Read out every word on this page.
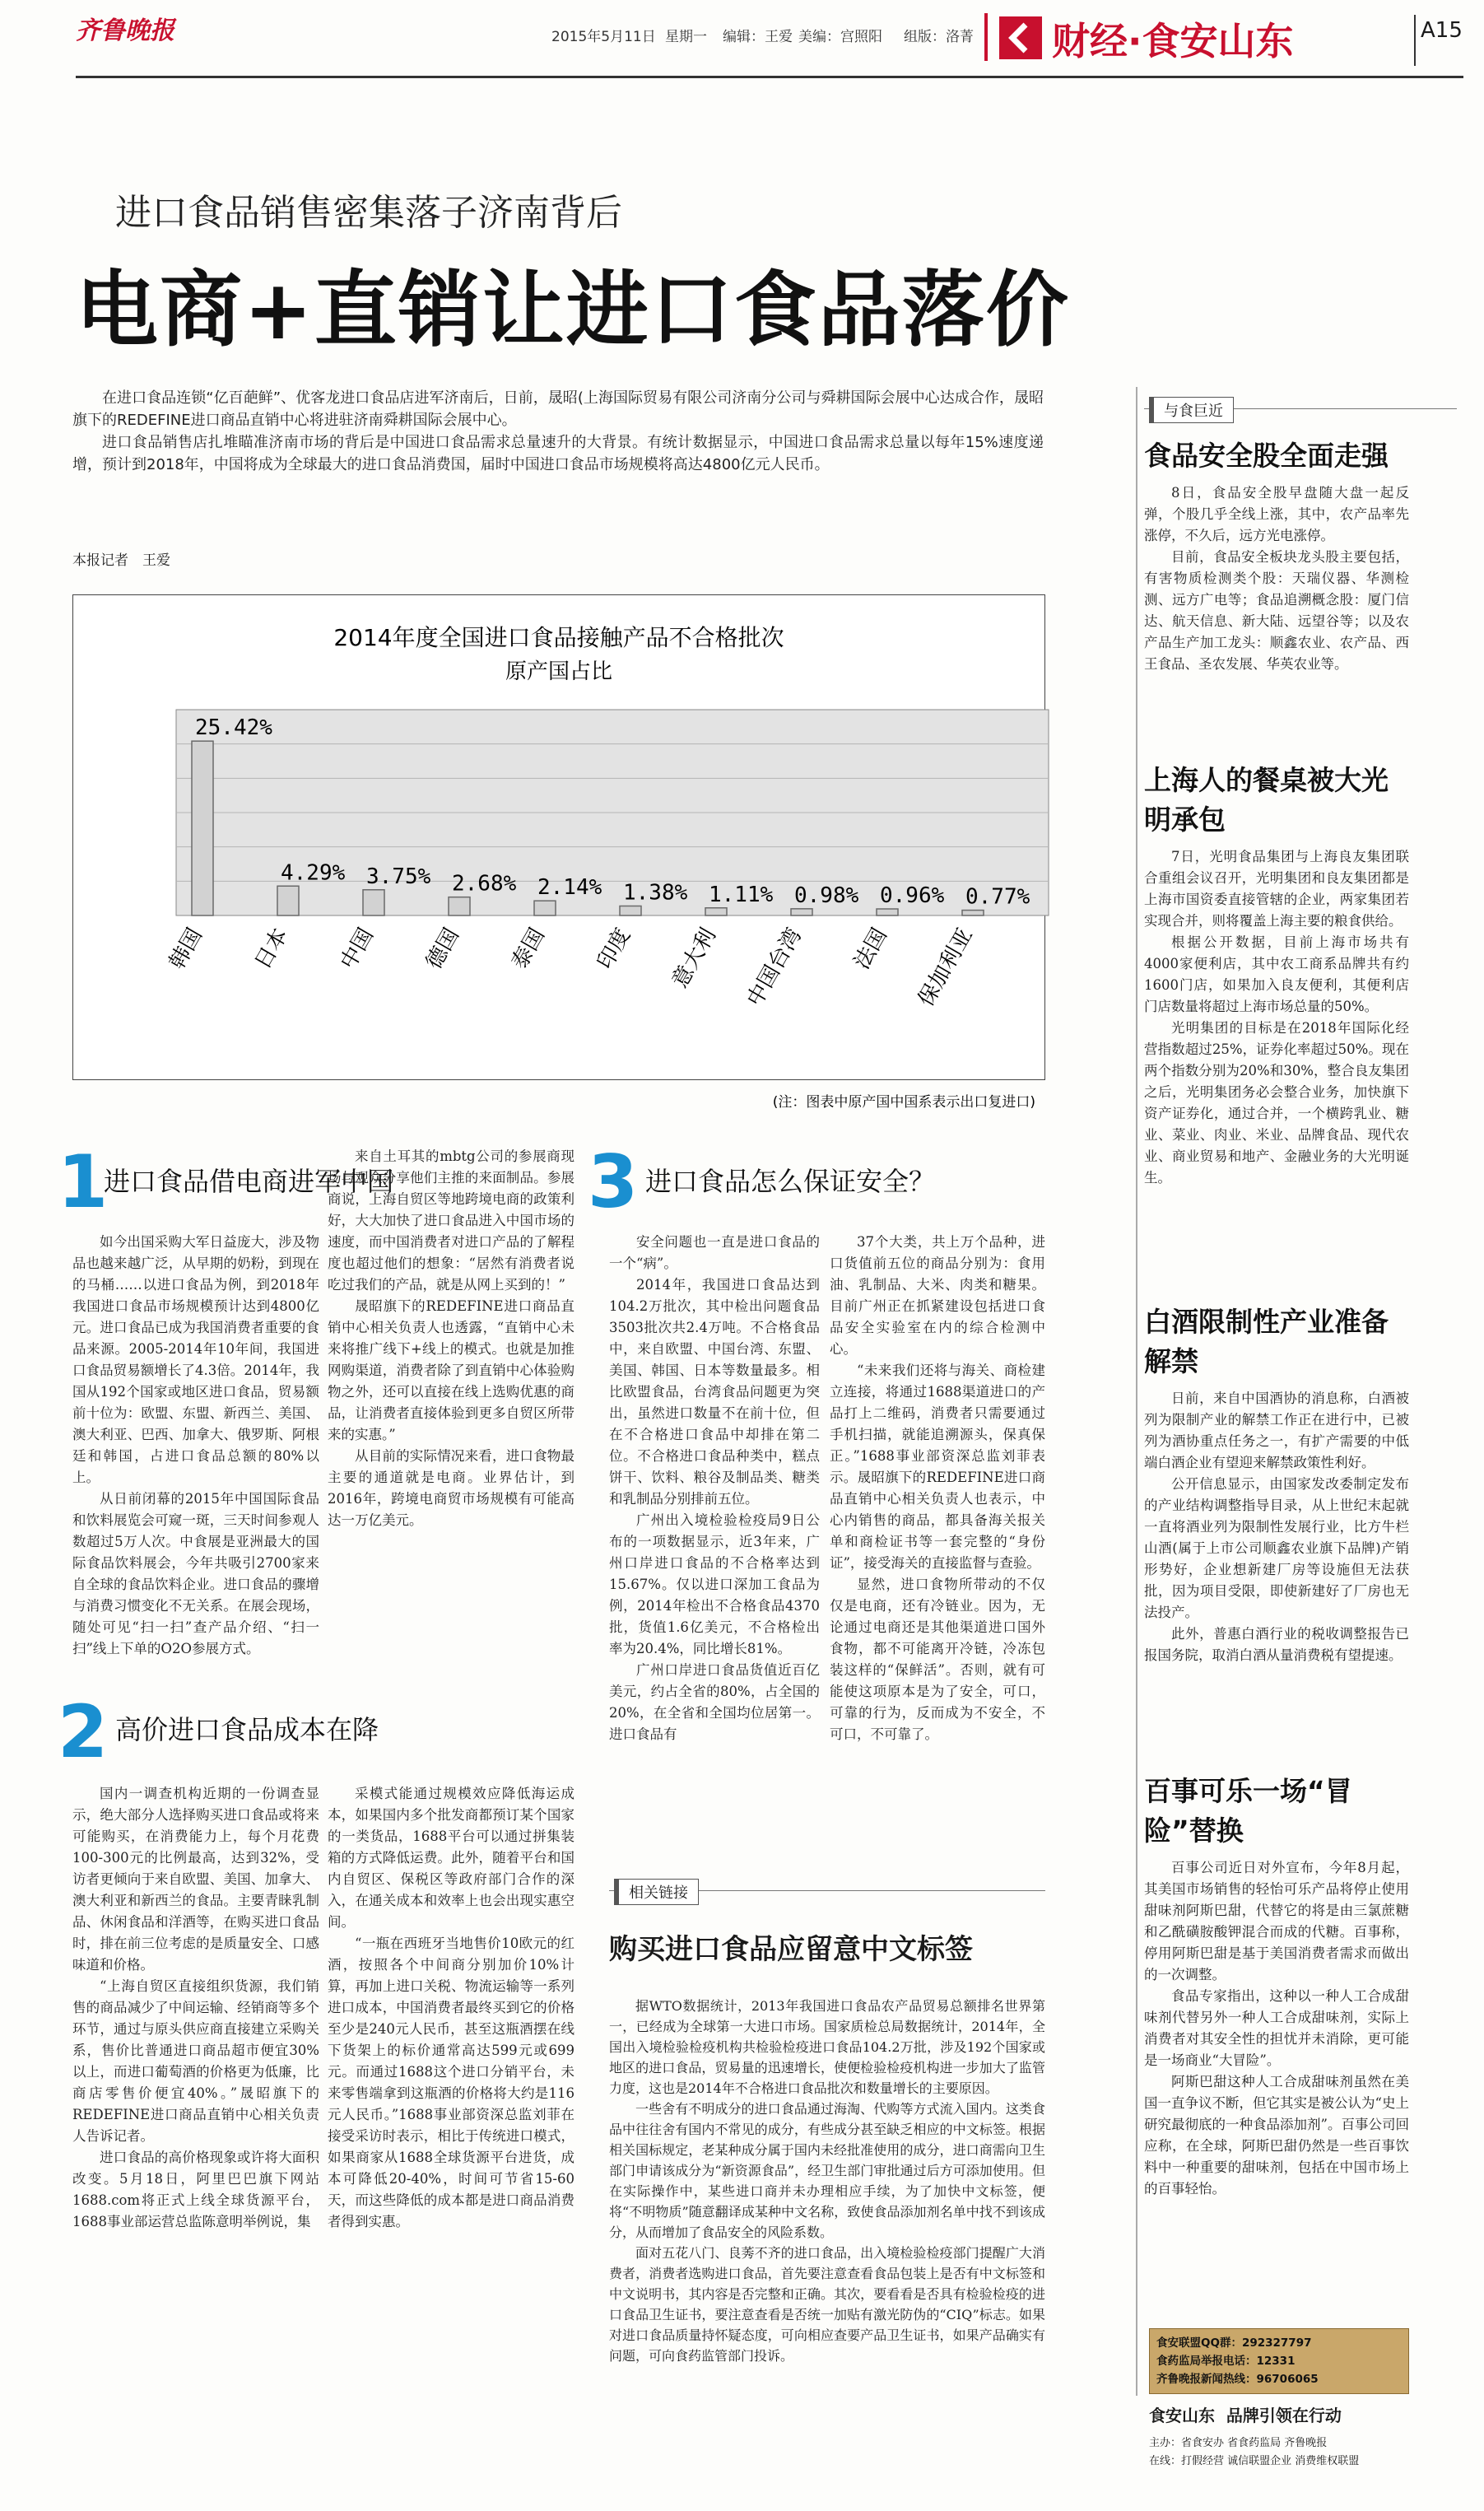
齐鲁晚报	2015年5月11日 星期一 编辑：王爱 美编：宫照阳 组版：洛菁 财经·食安山东	A15
进口食品销售密集落子济南背后
电商+直销让进口食品落价

在进口食品连锁“亿百葩鲜”、优客龙进口食品店进军济南后，日前，晟昭(上海国际贸易有限公司济南分公司与舜耕国际会展中心达成合作，晟昭旗下的REDEFINE进口商品直销中心将进驻济南舜耕国际会展中心。

进口食品销售店扎堆瞄准济南市场的背后是中国进口食品需求总量速升的大背景。有统计数据显示，中国进口食品需求总量以每年15%速度递增，预计到2018年，中国将成为全球最大的进口食品消费国，届时中国进口食品市场规模将高达4800亿元人民币。

本报记者　王爱
2014年度全国进口食品接触产品不合格批次
原产国占比
25.42%
4.29% 3.75% 2.68% 2.14% 1.38% 1.11% 0.98% 0.96% 0.77%
韩国 日本 中国 德国 泰国 印度 意大利 中国台湾 法国 保加利亚
(注：图表中原产国中国系表示出口复进口)
1
进口食品借电商进军中国

如今出国采购大军日益庞大，涉及物品也越来越广泛，从早期的奶粉，到现在的马桶……以进口食品为例，到2018年我国进口食品市场规模预计达到4800亿元。进口食品已成为我国消费者重要的食品来源。2005-2014年10年间，我国进口食品贸易额增长了4.3倍。2014年，我国从192个国家或地区进口食品，贸易额前十位为：欧盟、东盟、新西兰、美国、澳大利亚、巴西、加拿大、俄罗斯、阿根廷和韩国，占进口食品总额的80%以上。

从日前闭幕的2015年中国国际食品和饮料展览会可窥一斑，三天时间参观人数超过5万人次。中食展是亚洲最大的国际食品饮料展会，今年共吸引2700家来自全球的食品饮料企业。进口食品的骤增与消费习惯变化不无关系。在展会现场，随处可见“扫一扫”查产品介绍、“扫一扫”线上下单的O2O参展方式。

来自土耳其的mbtg公司的参展商现场与观众分享他们主推的来面制品。参展商说，上海自贸区等地跨境电商的政策利好，大大加快了进口食品进入中国市场的速度，而中国消费者对进口产品的了解程度也超过他们的想象：“居然有消费者说吃过我们的产品，就是从网上买到的！”

晟昭旗下的REDEFINE进口商品直销中心相关负责人也透露，“直销中心未来将推广线下+线上的模式。也就是加推网购渠道，消费者除了到直销中心体验购物之外，还可以直接在线上选购优惠的商品，让消费者直接体验到更多自贸区所带来的实惠。”

从目前的实际情况来看，进口食物最主要的通道就是电商。业界估计，到2016年，跨境电商贸市场规模有可能高达一万亿美元。

2 高价进口食品成本在降

国内一调查机构近期的一份调查显示，绝大部分人选择购买进口食品或将来可能购买，在消费能力上，每个月花费100-300元的比例最高，达到32%，受访者更倾向于来自欧盟、美国、加拿大、澳大利亚和新西兰的食品。主要青睐乳制品、休闲食品和洋酒等，在购买进口食品时，排在前三位考虑的是质量安全、口感味道和价格。

“上海自贸区直接组织货源，我们销售的商品减少了中间运输、经销商等多个环节，通过与原头供应商直接建立采购关系，售价比普通进口商品超市便宜30%以上，而进口葡萄酒的价格更为低廉，比商店零售价便宜40%。”晟昭旗下的REDEFINE进口商品直销中心相关负责人告诉记者。

进口食品的高价格现象或许将大面积改变。5月18日，阿里巴巴旗下网站1688.com将正式上线全球货源平台，1688事业部运营总监陈意明举例说，集

采模式能通过规模效应降低海运成本，如果国内多个批发商都预订某个国家的一类货品，1688平台可以通过拼集装箱的方式降低运费。此外，随着平台和国内自贸区、保税区等政府部门合作的深入，在通关成本和效率上也会出现实惠空间。

“一瓶在西班牙当地售价10欧元的红酒，按照各个中间商分别加价10%计算，再加上进口关税、物流运输等一系列进口成本，中国消费者最终买到它的价格至少是240元人民币，甚至这瓶酒摆在线下货架上的标价通常高达599元或699元。而通过1688这个进口分销平台，未来零售端拿到这瓶酒的价格将大约是116元人民币。”1688事业部资深总监刘菲在接受采访时表示，相比于传统进口模式，如果商家从1688全球货源平台进货，成本可降低20-40%，时间可节省15-60天，而这些降低的成本都是进口商品消费者得到实惠。

3 进口食品怎么保证安全？

安全问题也一直是进口食品的一个“病”。

2014年，我国进口食品达到104.2万批次，其中检出问题食品3503批次共2.4万吨。不合格食品中，来自欧盟、中国台湾、东盟、美国、韩国、日本等数量最多。相比欧盟食品，台湾食品问题更为突出，虽然进口数量不在前十位，但在不合格进口食品中却排在第二位。不合格进口食品种类中，糕点饼干、饮料、粮谷及制品类、糖类和乳制品分别排前五位。

广州出入境检验检疫局9日公布的一项数据显示，近3年来，广州口岸进口食品的不合格率达到15.67%。仅以进口深加工食品为例，2014年检出不合格食品4370批，货值1.6亿美元，不合格检出率为20.4%，同比增长81%。

广州口岸进口食品货值近百亿美元，约占全省的80%，占全国的20%，在全省和全国均位居第一。进口食品有

37个大类，共上万个品种，进口货值前五位的商品分别为：食用油、乳制品、大米、肉类和糖果。目前广州正在抓紧建设包括进口食品安全实验室在内的综合检测中心。

“未来我们还将与海关、商检建立连接，将通过1688渠道进口的产品打上二维码，消费者只需要通过手机扫描，就能追溯源头，保真保正。”1688事业部资深总监刘菲表示。晟昭旗下的REDEFINE进口商品直销中心相关负责人也表示，中心内销售的商品，都具备海关报关单和商检证书等一套完整的“身份证”，接受海关的直接监督与查验。

显然，进口食物所带动的不仅仅是电商，还有冷链业。因为，无论通过电商还是其他渠道进口国外食物，都不可能离开冷链，冷冻包装这样的“保鲜活”。否则，就有可能使这项原本是为了安全，可口，可靠的行为，反而成为不安全，不可口，不可靠了。

相关链接
购买进口食品应留意中文标签

据WTO数据统计，2013年我国进口食品农产品贸易总额排名世界第一，已经成为全球第一大进口市场。国家质检总局数据统计，2014年，全国出入境检验检疫机构共检验检疫进口食品104.2万批，涉及192个国家或地区的进口食品，贸易量的迅速增长，使便检验检疫机构进一步加大了监管力度，这也是2014年不合格进口食品批次和数量增长的主要原因。

一些舍有不明成分的进口食品通过海淘、代购等方式流入国内。这类食品中往往舍有国内不常见的成分，有些成分甚至缺乏相应的中文标签。根据相关国标规定，老某种成分属于国内未经批准使用的成分，进口商需向卫生部门申请该成分为“新资源食品”，经卫生部门审批通过后方可添加使用。但在实际操作中，某些进口商并未办理相应手续，为了加快中文标签，便将“不明物质”随意翻译成某种中文名称，致使食品添加剂名单中找不到该成分，从而增加了食品安全的风险系数。

面对五花八门、良莠不齐的进口食品，出入境检验检疫部门提醒广大消费者，消费者选购进口食品，首先要注意查看食品包装上是否有中文标签和中文说明书，其内容是否完整和正确。其次，要看看是否具有检验检疫的进口食品卫生证书，要注意查看是否统一加贴有激光防伪的“CIQ”标志。如果对进口食品质量持怀疑态度，可向相应查要产品卫生证书，如果产品确实有问题，可向食药监管部门投诉。

与食巨近
食品安全股全面走强

8日，食品安全股早盘随大盘一起反弹，个股几乎全线上涨，其中，农产品率先涨停，不久后，远方光电涨停。

目前，食品安全板块龙头股主要包括，有害物质检测类个股：天瑞仪器、华测检测、远方广电等；食品追溯概念股：厦门信达、航天信息、新大陆、远望谷等；以及农产品生产加工龙头：顺鑫农业、农产品、西王食品、圣农发展、华英农业等。

上海人的餐桌被大光明承包

7日，光明食品集团与上海良友集团联合重组会议召开，光明集团和良友集团都是上海市国资委直接管辖的企业，两家集团若实现合并，则将覆盖上海主要的粮食供给。

根据公开数据，目前上海市场共有4000家便利店，其中农工商系品牌共有约1600门店，如果加入良友便利，其便利店门店数量将超过上海市场总量的50%。

光明集团的目标是在2018年国际化经营指数超过25%，证券化率超过50%。现在两个指数分别为20%和30%，整合良友集团之后，光明集团务必会整合业务，加快旗下资产证券化，通过合并，一个横跨乳业、糖业、菜业、肉业、米业、品牌食品、现代农业、商业贸易和地产、金融业务的大光明诞生。

白酒限制性产业准备解禁

日前，来自中国酒协的消息称，白酒被列为限制产业的解禁工作正在进行中，已被列为酒协重点任务之一，有扩产需要的中低端白酒企业有望迎来解禁政策性利好。

公开信息显示，由国家发改委制定发布的产业结构调整指导目录，从上世纪末起就一直将酒业列为限制性发展行业，比方牛栏山酒(属于上市公司顺鑫农业旗下品牌)产销形势好，企业想新建厂房等设施但无法获批，因为项目受限，即使新建好了厂房也无法投产。

此外，普惠白酒行业的税收调整报告已报国务院，取消白酒从量消费税有望提速。

百事可乐一场“冒险”替换

百事公司近日对外宣布，今年8月起，其美国市场销售的轻怡可乐产品将停止使用甜味剂阿斯巴甜，代替它的将是由三氯蔗糖和乙酰磺胺酸钾混合而成的代糖。百事称，停用阿斯巴甜是基于美国消费者需求而做出的一次调整。

食品专家指出，这种以一种人工合成甜味剂代替另外一种人工合成甜味剂，实际上消费者对其安全性的担忧并未消除，更可能是一场商业“大冒险”。

阿斯巴甜这种人工合成甜味剂虽然在美国一直争议不断，但它其实是被公认为“史上研究最彻底的一种食品添加剂”。百事公司回应称，在全球，阿斯巴甜仍然是一些百事饮料中一种重要的甜味剂，包括在中国市场上的百事轻怡。

食安联盟QQ群：292327797
食药监局举报电话：12331
齐鲁晚报新闻热线：96706065
食安山东  品牌引领在行动
主办：省食安办 省食药监局 齐鲁晚报
在线：打假经营 诚信联盟企业 消费维权联盟
